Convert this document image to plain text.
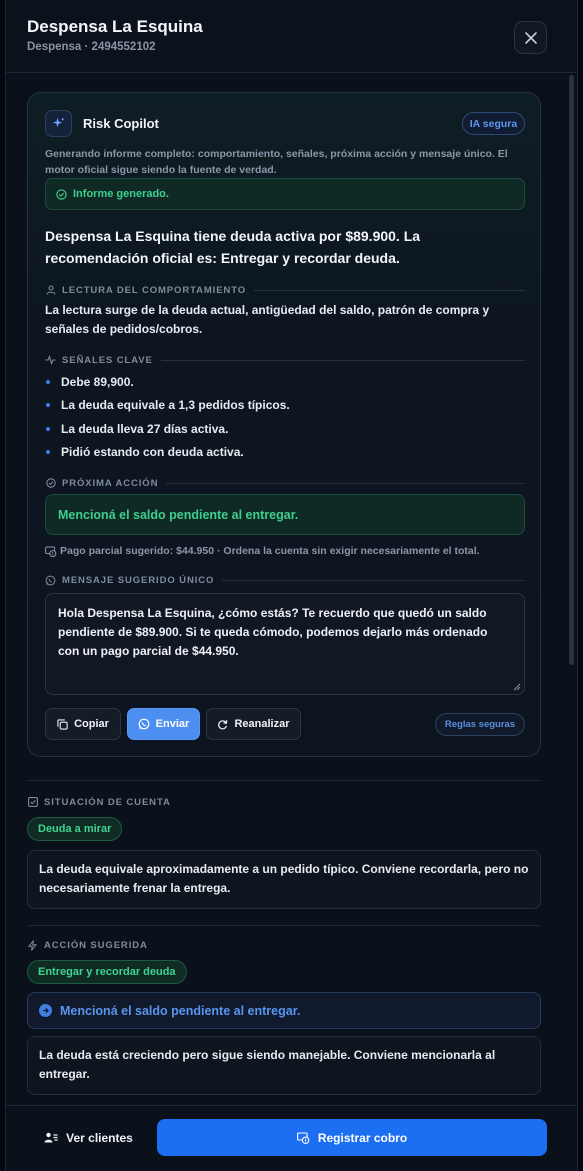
Despensa La Esquina
Despensa · 2494552102
Risk Copilot	IA segura
Generando informe completo: comportamiento, señales, próxima acción y mensaje único. El motor oficial sigue siendo la fuente de verdad.
Informe generado.
Despensa La Esquina tiene deuda activa por $89.900. La recomendación oficial es: Entregar y recordar deuda.
LECTURA DEL COMPORTAMIENTO
La lectura surge de la deuda actual, antigüedad del saldo, patrón de compra y señales de pedidos/cobros.
SEÑALES CLAVE
Debe 89,900.
La deuda equivale a 1,3 pedidos típicos.
La deuda lleva 27 días activa.
Pidió estando con deuda activa.
PRÓXIMA ACCIÓN
Mencioná el saldo pendiente al entregar.
Pago parcial sugerido: $44.950 · Ordena la cuenta sin exigir necesariamente el total.
MENSAJE SUGERIDO ÚNICO
Hola Despensa La Esquina, ¿cómo estás? Te recuerdo que quedó un saldo pendiente de $89.900. Si te queda cómodo, podemos dejarlo más ordenado con un pago parcial de $44.950.
Copiar	Enviar	Reanalizar	Reglas seguras
SITUACIÓN DE CUENTA
Deuda a mirar
La deuda equivale aproximadamente a un pedido típico. Conviene recordarla, pero no necesariamente frenar la entrega.
ACCIÓN SUGERIDA
Entregar y recordar deuda
Mencioná el saldo pendiente al entregar.
La deuda está creciendo pero sigue siendo manejable. Conviene mencionarla al entregar.
Ver clientes	Registrar cobro
